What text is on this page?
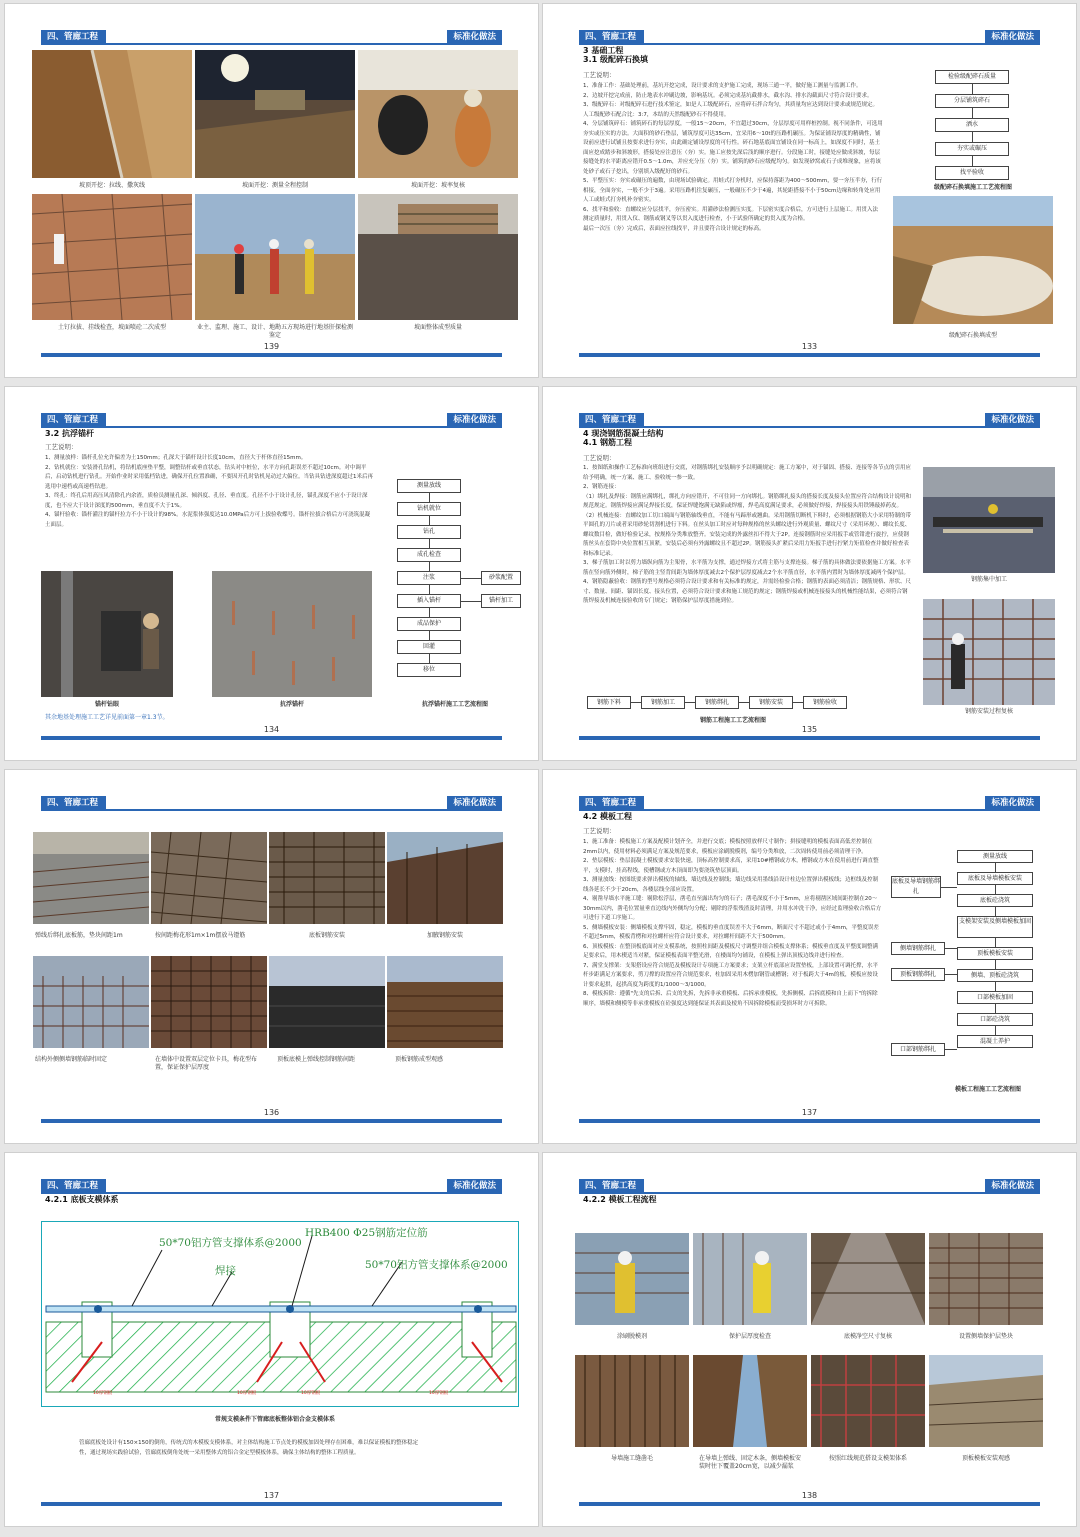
四、管廊工程	标准化做法
坡顶开挖：拉线、撒灰线	坡面开挖：测量全程控制	坡面开挖：坡率复核
土钉拉拔、挂线检查，坡面喷砼二次成型	业主、监理、施工、设计、地勘五方现场进行地基肝探检测鉴定
坡面整体成型质量
139
四、管廊工程	标准化做法
3 基础工程
3.1 级配碎石换填
工艺说明：
1、准备工作：基础处理前，基坑开挖完成，设计要求的支护施工完成，现场三通一平，做好施工测量与监测工作。
2、边坡开挖完成前，防止地表水冲刷边坡，影响基坑。必须完成基坑截排水，截水沟、排水沟截面尺寸符合设计要求。
3、级配碎石：对级配碎石进行技术鉴定，如是人工级配碎石，应将碎石拌合均匀，其质量均应达到设计要求或规范规定。人工级配砂石配合比：3:7，本结的天然级配砂石不得使用。
4、分层铺筑碎石：铺筑碎石的每层厚度，一般15～20cm，不宜超过30cm，分层厚度可用样桩控制。视不同条件，可选用夯实或压实的方法。大面积的砂石垫层，铺筑厚度可达35cm，宜采用6～10t的压路机碾压。为保证铺设厚度的精确性，铺设前应进行试铺且按要求进行夯实，由此确定铺设厚度的可行性。碎石地基底面宜铺设在同一标高上，如深度不同时，基土面应挖成踏步和斜坡形，搭接处应注意压（夯）实。施工应按先深后浅的顺序进行。分段施工时，接缝处应做成斜坡，每层接缝处的水平距离应错开0.5～1.0m，并应充分压（夯）实。铺筑的砂石应级配均匀。如发现砂窝或石子成堆现象，应将该处砂子或石子挖出，分别填入级配好的砂石。
5、平整压实：夯实或碾压的遍数，由现场试验确定。用蛙式打夯机时，应保持落距为400～500mm，要一夯压半夯，行行相接，全面夯实，一般不少于3遍。采用压路机往复碾压，一般碾压不少于4遍，其轮距搭接不小于50cm边缘和转角处应用人工或蛙式打夯机补夯密实。
6、找平和验收：直螺纹应分层找平，夯压密实。用灌砂法检测压实度。下层密实度合格后，方可进行上层施工。用贯入法测定质量时，用贯入仪、钢筋或钢叉等以贯入度进行检查，小于试验所确定的贯入度为合格。
最后一次压（夯）完成后，表面应拉线找平，并且要符合设计规定的标高。
检验级配碎石质量
分层铺筑碎石
洒水
夯实或碾压
找平验收
级配碎石换填施工工艺流程图
级配碎石换填成型
133
四、管廊工程	标准化做法
3.2 抗浮锚杆
工艺说明：
1、测量放样：锚杆孔位允许偏差为土150mm；孔深大于锚杆设计长度10cm，直径大于杆体直径15mm。
2、钻机就位：安装滑孔钻机，将钻机底座垫平整，调整钻杆或垂直状态，钻头对中桩位，水平方向孔距误差不超过10cm。对中调平后，启动钻机进行钻孔。开始作业时采用低档钻进，确保开孔位置准确，不要因开孔时钻机晃动过大偏位。当钻具钻进深度超过1米后再选用中速档或高速档钻进。
3、终孔：终孔后用高压风清除孔内余渣，质检员测量孔深、倾斜度、孔径、垂直度。孔径不小于设计孔径，锚孔深度不应小于设计深度，也不应大于设计深度的500mm，垂直度不大于1%。
4、锚杆验收：锚杆灌注的锚杆拉力不小于设计的98%。水泥浆体强度达10.0MPa后方可上拔验收蝶号。锚杆拉拔合格后方可浇筑混凝土面层。
锚杆钻眼	抗浮锚杆	抗浮锚杆施工工艺流程图
其余地基处理施工工艺详见前面第一章1.3节。
测量放线
钻机就位
钻孔
成孔检查
注浆	砂浆配置
插入锚杆	锚杆加工
成品保护
回灌
移位
134
四、管廊工程	标准化做法
4 现浇钢筋混凝土结构
4.1 钢筋工程
工艺说明：
1、按图纸和操作工艺标准向班组进行交底，对钢筋绑扎安装顺序予以明确规定：施工方案中，对于锚固、搭接、连接等各节点的引用应给予明确，统一方案、施工、验收统一参一致。
2、钢筋连接：
（1）绑扎及焊接：钢筋应满绑扎，绑扎方向应错开，不可往同一方向绑扎。钢筋绑扎接头的搭接长度及接头位置应符合结构设计说明和规范规定。钢筋焊接应满足焊接长度，保证焊缝饱满无缺陷或焊瘤，焊毛高度满足要求，必须做好焊接，焊接接头用铁锤敲掉药皮。
（2）机械连接：直螺纹加工切口端面与钢筋轴线垂直，不能有马蹄形或翘曲。采用钢筋切断机下料时，必须根据钢筋大小采用特制的带平圆孔的刀片或者采用砂轮切割机进行下料。在丝头加工时应对每种规格的丝头螺纹进行外观质量、螺纹尺寸（采用环规）、螺纹长度、螺纹数目检，做好检验记录，按规格分类堆放整齐。安装完成的外露丝扣不得大于2P。连接钢筋时应采用扳手或管钳进行旋拧，应使钢筋丝头在套筒中央位置相互顶紧，安装后必须有外露螺纹且不超过2P。钢筋接头扩紧后采用力矩扳手进行拧紧力矩值检查并做好检查表和标准记录。
3、梯子筋加工时以剪力墙纵向筋为主架骨，水平筋为支撑，通过焊接方式将主筋与支撑连接。梯子筋的具体做法要依据施工方案。水平筋在竖向筋外侧时，梯子筋的主竖背间距为墙体厚度减去2个保护层厚度减去2个水平筋直径，水平筋内置时为墙体厚度减两个保护层。
4、钢筋隐蔽验收：钢筋的型号规格必须符合设计要求和有关标准的规定，并需经检验合格；钢筋的表面必须清洁；钢筋规格、形状、尺寸、数量、间距、锚固长度、接头位置，必须符合设计要求和施工规范的规定；钢筋焊接或机械连接接头的机械性能结果，必须符合钢筋焊接及机械连接验收的专门规定；钢筋保护层厚度措施到位。
钢筋下料	钢筋加工	钢筋绑扎	钢筋安装	钢筋验收
钢筋工程施工工艺流程图
钢筋集中加工
钢筋安装过程复核
135
四、管廊工程	标准化做法
弹线后绑扎底板筋，垫块间距1m	按间距梅花形1m×1m摆放马镫筋	底板钢筋安装	加腋钢筋安装
结构外侧侧墙钢筋临时固定	在墙体中设置双层定位卡具，梅花型布置，保证保护层厚度
顶板底模上弹线控制钢筋间距	顶板钢筋成型观感
136
四、管廊工程	标准化做法
4.2 模板工程
工艺说明：
1、施工准备：模板施工方案及配模计划齐全，并进行交底；模板按照放样尺寸制作；拼接缝明的模板表面高低差控制在2mm以内，使用材料必须满足方案及规范要求，模板应涂刷脱模剂，编号分类堆放，二次周转使用前必须清理干净。
2、垫层模板：垫层混凝土模板要求安装快速，顶标高控制要求高，采用10#槽钢或方木，槽钢或方木在使用前进行调直整平，支模时，挂高程线，使槽钢或方木顶面即为要浇筑垫层顶面。
3、测量放线：按图纸要求弹出模板的轴线、墙边线及控制线；墙边线采用墨线沿设计柱边位置弹出模板线；边框线及控制线各延长不少于20cm，各楼层线全部应设置。
4、剔凿导墙水平施工缝：剔除松浮层，凿毛直至露出均匀的石子；凿毛深度不小于5mm，应将剔凿区域间距控制在20～30mm以内，凿毛位置量垂直边线内外侧均匀分配；剔除的浮浆残渣及时清理，并用水冲洗干净，应经过监理验收合格后方可进行下道工序施工。
5、侧墙模板安装：侧墙模板支撑牢固，稳定，模板的垂直度误差不大于6mm，断面尺寸不超过或小于4mm，平整度误差不超过5mm，模板背楞和对拉螺杆应符合设计要求，对拉螺杆间距不大于500mm。
6、顶板模板：在整顶板底面对应支模系统，按照柱间距及模板尺寸调整并组合模板支撑体系；模板垂直度及平整度调整满足要求后，用木楔适当对紧，保证模板表面平整光滑，在楼面均匀铺设，在模板上弹出顶板边线并进行检查。
7、满堂支撑架：支架搭设应符合规范及模板设计专项施工方案要求；支架立杆底部应设置垫板，上部设置可调托撑，水平杆步距满足方案要求，剪刀撑的设置应符合规范要求，柱加固采用木楞加钢管或槽钢；对于板跨大于4m的板，模板应按设计要求起拱，起拱高度为跨度的1/1000～3/1000。
8、模板拆除：遵循"先支的后拆、后支的先拆，先拆非承重模板、后拆承重模板，先拆侧模、后拆底模和自上而下"的拆除顺序，墙模和侧模等非承重模板在砼强度达到能保证其表面及棱角不因拆除模板而受损坏时方可拆除。
测量放线
底板及导墙模板安装
底板砼浇筑
支模架安装及侧墙模板加固
顶板模板安装
侧墙、顶板砼浇筑
口部模板加固
口部砼浇筑
混凝土养护
底板及导墙钢筋绑扎
侧墙钢筋绑扎
顶板钢筋绑扎
口部钢筋绑扎
模板工程施工工艺流程图
137
四、管廊工程	标准化做法
4.2.1 底板支模体系
50*70铝方管支撑体系@2000
HRB400 Φ25钢筋定位筋
焊接	50*70铝方管支撑体系@2000
10厚钢板	10厚钢板	10厚钢板	10厚钢板
常规支模条件下管廊底板整体铝合金支模体系
管廊底板处设计有150×150的倒角，传统式的木模板支模体系，对主体结构施工节点处的模板加固处理存在困难，难以保证模板的整体稳定性，通过现场实践验试验，管廊底板倒角处统一采用整体式的铝合金定型模板体系，确保主体结构的整体工程质量。
137
四、管廊工程	标准化做法
4.2.2 模板工程流程
涂刷脱模剂	保护层厚度检查	底模净空尺寸复核	设置侧墙保护层垫块
导墙施工缝凿毛	在导墙上弹线、固定木条，侧墙模板安装时往下覆盖20cm宽，以减少漏浆
按照红线规范搭设支模架体系	顶板模板安装观感
138
